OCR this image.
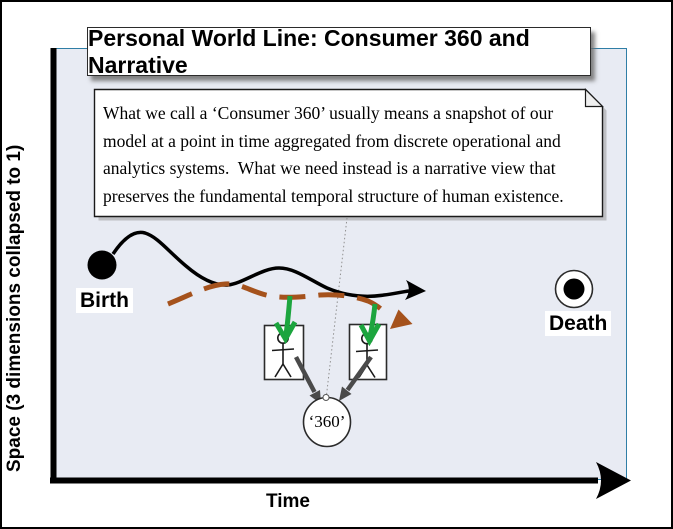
Personal World Line: Consumer 360 and Narrative
What we call a ‘Consumer 360’ usually means a snapshot of our
model at a point in time aggregated from discrete operational and
analytics systems.  What we need instead is a narrative view that
preserves the fundamental temporal structure of human existence.
Space (3 dimensions collapsed to 1)
Time
Birth
Death
‘360’
